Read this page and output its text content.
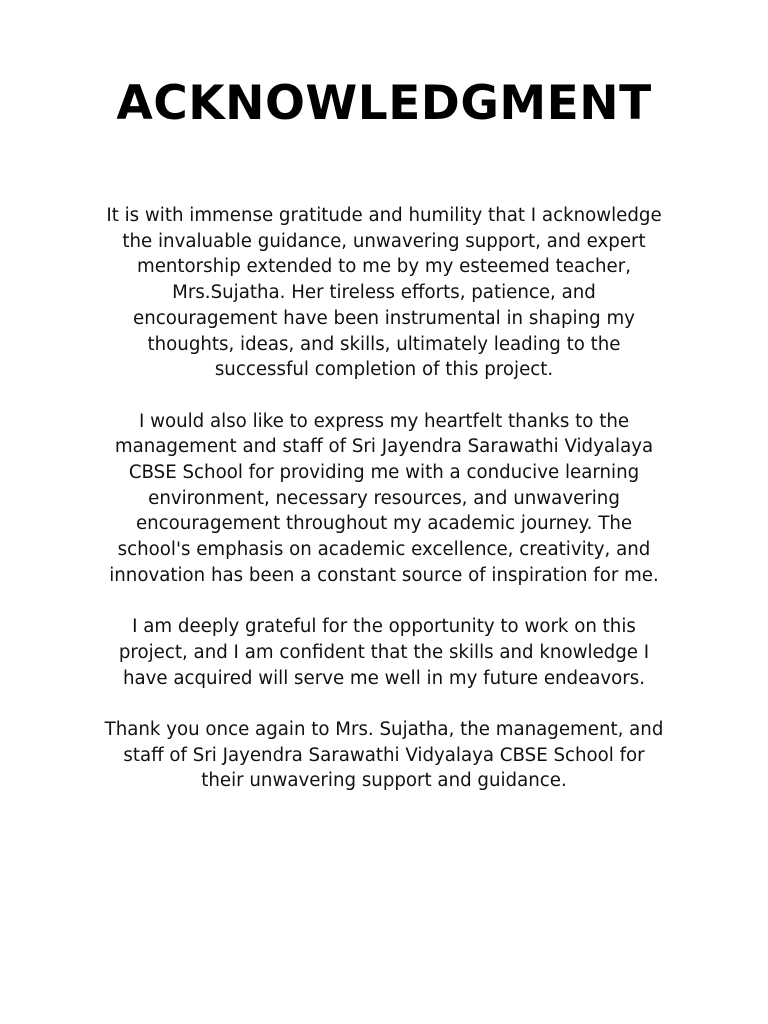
ACKNOWLEDGMENT

It is with immense gratitude and humility that I acknowledge the invaluable guidance, unwavering support, and expert mentorship extended to me by my esteemed teacher, Mrs.Sujatha. Her tireless efforts, patience, and encouragement have been instrumental in shaping my thoughts, ideas, and skills, ultimately leading to the successful completion of this project.

I would also like to express my heartfelt thanks to the management and staff of Sri Jayendra Sarawathi Vidyalaya CBSE School for providing me with a conducive learning environment, necessary resources, and unwavering encouragement throughout my academic journey. The school's emphasis on academic excellence, creativity, and innovation has been a constant source of inspiration for me.

I am deeply grateful for the opportunity to work on this project, and I am confident that the skills and knowledge I have acquired will serve me well in my future endeavors.

Thank you once again to Mrs. Sujatha, the management, and staff of Sri Jayendra Sarawathi Vidyalaya CBSE School for their unwavering support and guidance.
